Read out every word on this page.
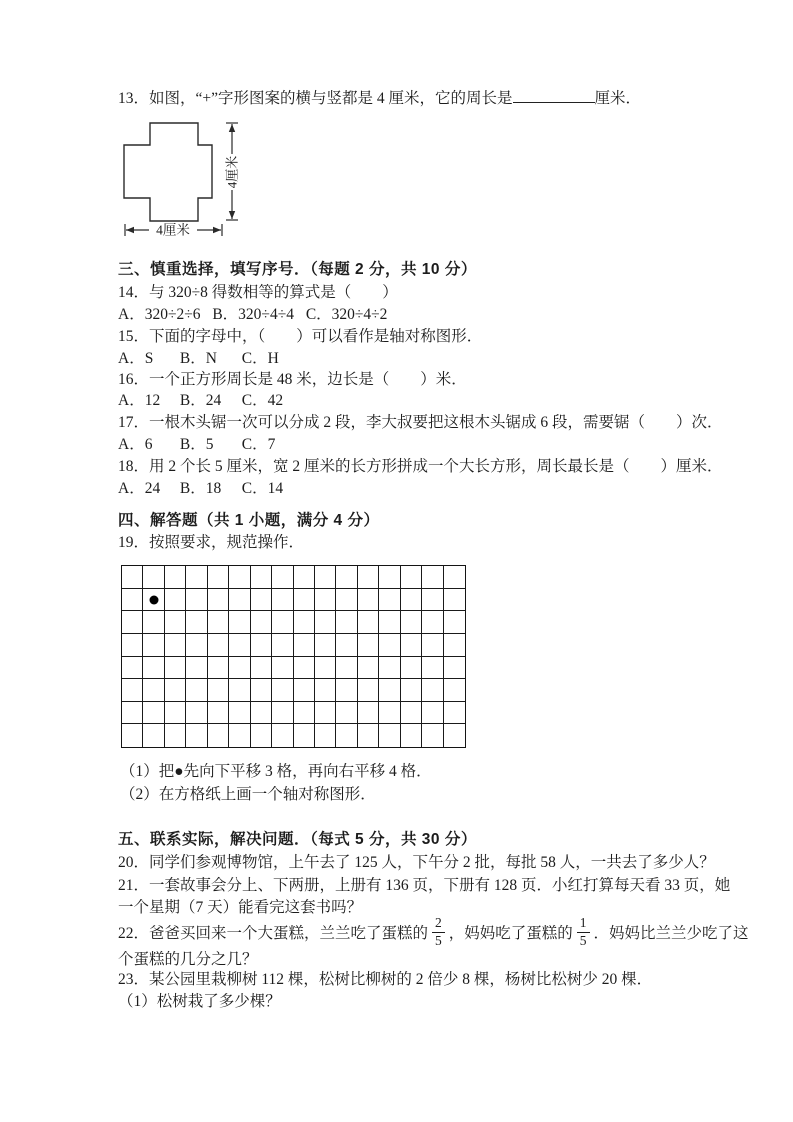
13．如图，“+”字形图案的横与竖都是 4 厘米，它的周长是	厘米．
4厘米
4厘米
三、慎重选择，填写序号．（每题 2 分，共 10 分）
14．与 320÷8 得数相等的算式是（　　）
A．320÷2÷6 B．320÷4÷4 C．320÷4÷2
15．下面的字母中，（　　）可以看作是轴对称图形．
A．S B．N C．H
16．一个正方形周长是 48 米，边长是（　　）米．
A．12 B．24 C．42
17．一根木头锯一次可以分成 2 段，李大叔要把这根木头锯成 6 段，需要锯（　　）次．
A．6 B．5 C．7
18．用 2 个长 5 厘米，宽 2 厘米的长方形拼成一个大长方形，周长最长是（　　）厘米．
A．24 B．18 C．14
四、解答题（共 1 小题，满分 4 分）
19．按照要求，规范操作．
（1）把●先向下平移 3 格，再向右平移 4 格．
（2）在方格纸上画一个轴对称图形．
五、联系实际，解决问题．（每式 5 分，共 30 分）
20．同学们参观博物馆，上午去了 125 人，下午分 2 批，每批 58 人，一共去了多少人？
21．一套故事会分上、下两册，上册有 136 页，下册有 128 页．小红打算每天看 33 页，她
一个星期（7 天）能看完这套书吗？
22．爸爸买回来一个大蛋糕，兰兰吃了蛋糕的 $\frac{2}{5}$ ，妈妈吃了蛋糕的 $\frac{1}{5}$ ．妈妈比兰兰少吃了这
个蛋糕的几分之几？
23．某公园里栽柳树 112 棵，松树比柳树的 2 倍少 8 棵，杨树比松树少 20 棵．
（1）松树栽了多少棵？
